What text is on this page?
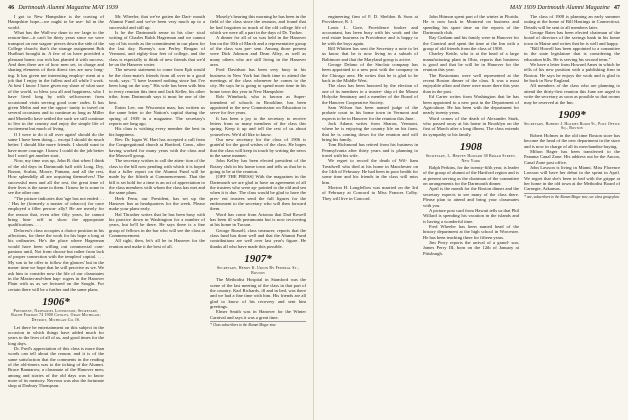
46 Dartmouth Alumni Magazine MAY 1939

I got to New Hampshire is the craving of Hampshire hope—we ought to be use- ful in the world.

What has the Wall-ow done to en- large to the reason-line—it can't be thirty years since we were transport on one wagon- pieces down the side of the College church; that's the strange assignment Bob Hurlburt brought in. A few of us have provided a pleasant home, our rich has planted it with success. And then there are of how men set, in charge and sharing elements of their direct ties are now long- ing. It has given me interesting employ- ment at a job that I enjoy in the fullest and all while I work. At best I know I have given my share of what sure of the world, so bless you all and happiness, who I have lived long by with selfconcern from occasional visits serving good com- rades. It has given Melin and me the oppor- tunity to travel on several occasions and to continue as long as Miller and Montello have settled the such we still continue to live in the country and enjoy the simple life of excitement but much of living.

If I were to do it all over again! should do the same I have been doing— except I should do much better. I should like more friends. I should want to have more courage. I know I could do the job better but I won't get another start.

Now, my time was up, John B. that when I think of the old days in Dartmouth hall with Long, Dry, Bonon, Scabia, Moore, Putnam, and all the rest, How splendidly all are acquiring themselves! The successful men and all the rest, the great time of their lives is the same to them. I know he is some to see the other one.

"The picture indicates that 'age has not ended. . . .' Has he (formerly a master of tobacco) for once employed a filler person- ally? He are merely for the reason that, even after fifty years, he cannot bring him- self to show the appropriate qualifications. . . .

Deforest's class occupies a choice position in his affections, for there the work for his hope a long at his ordinaries. He's the place where Hagerman would have been willing out commercial com- panions until, Not from choose but rather from lack of proper connection with the templeof capital. . . . My son to be offer to follow the glances' but in the mean- time we hope that he will perceive as we. We ask him to consider now the life of our classmates in the Maxim-and-then hap- rogers in the Hanover Plain with us as we lectured on the Sought. For certain there will be a further and the same plans.

1906*
President, Nathaniel Lovernson; Secretary, Ralph Fordon 74 1900 Cowles, Oran Michigan; Detroit, Michigan Co. IS.

Let there be entertainment on this subject in the occasion in which things have added much for years to the lives of all of us, and good times for the long days.

Dr. Fred's appreciation of this class is more than words can tell about the reason; and it is of the same satisfaction that the comments in the reading of the old-timers was to the ticking of the Alumni. Bruce Bannarow, a classmate of the Hanover men; among and stories of the old days was to know more of its memory. Nervous was also the fortunate shop at Darbury Thompson.

Mr. Wheeler, that we've gotten the Dart- mouth Alumni Fund and we've been very much up to a successful and still up.

Is he the Dartmouth sense in his clas- sical writing of Charles Balch Hagerman and we cannot say of his words as the commitment in our plans for the last day. Roemy's son Perley Reagan of Vermont, and eighty-four feet of college, and the class is especially to think of new friends that we'd be on the Hanover roster.

The newest statement to come from Eph would be the class-mate's friends from all over in a good work, says: "I have learned nothing since but I've been long on the way." His wife has been with him to every reunion this time and Jack Keller, his other tribe, from Dartmouth says it must be one of the best.

Eaton Lee, our Wisconsin man, has written us the same letter to the Nation's capital during the spring of 1939 in a magazine. The secretary's reports are long ago.

His class is wishing every member the best in his happiness.

Rev. Dr. Isgan W. Hart has accepted a call from the Congregational church at Hartford, Conn., after having worked for many years with the class and the Maxwell group.

The secretary wishes to call the atten- tion of the class to the bill now pending with which it is hoped that a fuller report on the Alumni Fund will be made by the fiftieth at Commencement. That the bill is set hold for a time is an act of appreciation to the class members with whom the class has met and the same plans.

Herb Fenn, our President, has set up the Hanover Inn as headquarters for the week. Please make your plans early.

Hal Thrasher writes that he has been busy with his practice down in Washington for a number of years, but he'll be there. He says there is a fine group of fellows in the bar who will see the class at Commencement.

All right, then, let's all be in Hanover for the reunion and make it the best of all.

Mosely's hearing this morning he has been in the field of the class since the reunion, and found that he had forgotten so much of the old college life of which we were all a part in the days of Dr. Tucker.

A dinner for all of us was held in the Hanover Inn on the 10th of March and a representative group of the class was pre- sent. Among those present were Dick Johnson and Dean Alley, as well as many others who are still living in the Hanover area.

Fred Davidson has been very busy in his business in New York but finds time to attend the meetings of the class whenever he comes to the city. He says he is going to spend more time in his home town this year in New Hampshire.

Rob Winnback, who is known as Super- intendent of schools in Brookline, has been appointed to the new Commission on Education to serve for five years.

It has been a joy to the secretary to receive letters from so many members of the class this spring. Keep it up and tell the rest of us about yourselves. We'd all like to know.

Our new secretary for the class of 1906 is grateful for the good wishes of the class. He hopes that the class will keep in touch by writing the news in the same manner.

John Kelley has been elected president of the Rotary club in his home town and tells us that he is going to be at the reunion.

[OFF THE PRESS] With the magazines in the Dartmouth we are glad to have an agreement of all the trustees who were ap- pointed to the old and sea when it is due. The class would be glad to have the pres- ent trustees send the full figures for the endowment to the secretary who will then forward them.

Word has come from Arizona that Dad Rowell has been ill with pneumonia but is now recovering at his home in Tucson.

George Russell, class treasurer, reports that the class fund has done well and that the Alumni Fund contributions are well over last year's figure. He thanks all who have made this possible.

1907*
Secretary, Henry K. Urion By Federal St., Boston

The Methodist Hospital in Stamford was the scene of the last meeting of the class in that part of the country. Karl Richards, ill and in bed, was there and we had a fine time with him. His friends are all glad to know of his recovery and sent him greetings.

Elmer Smith was in Hanover for the Winter Carnival and says it was a great time.

* Class subscribers to the Alumni Maga- zine.
MAY 1939 Dartmouth Alumni Magazine 47

engineering firm of F. D. Sheldon & Sons at Providence, R. I.

Louis L. Gore, Providence broker and accountant, has been busy with his work and the real estate business in Providence and is happy to be with the boys again.

Bill Whitten has sent the Secretary a note to let us know that he is now living in a suburb of Baltimore and that the Maryland group is active.

George Delano of the Sinclair company has been appointed to a new post with the company in the Chicago area. He writes that he is glad to be back in the Middle West.

The class has been honored by the election of one of its members to a trustee- ship of the Mount Holyoke Seminary and a member of the Board of the Hanover Cooperative Society.

Sam Wilson has been named judge of the probate court in his home town in Vermont and expects to be in Hanover for the reunion this June.

Jack Adams writes from Sharon, Vermont, where he is enjoying the country life on his farm, that he is coming down for the reunion and will bring his family.

Tom Richmond has retired from his business in Pennsylvania after thirty years and is planning to travel with his wife.

We regret to record the death of Wil- liam Treadwell who died at his home in Manchester on the 14th of February. He had been in poor health for some time and his friends in the class will miss him.

Morton H. Longfellow was married on the 3rd of February at Concord to Miss Frances Colby. They will live in Concord.

John Hitmon spent part of the winter in Florida. He is now back in Montreal on business and spending his spare time on the reports of the Dartmouth club.

Ray Graham and his family were in Hanover for the Carnival and spent the time at the Inn with a group of old friends from the class of 1908.

Charley Kettle, who is at the head of a large manufacturing plant in Ohio, reports that business is good and that he will be in Hanover for the reunion this year.

The Bostonians were well represented at the recent Boston dinner of the class. It was a most enjoyable affair and there were more there this year than in the past.

Ed Carter writes from Washington that he has been appointed to a new post in the Department of Agriculture. He has been with the department for nearly twenty years.

Word comes of the death of Alexander Stark, who passed away at his home in Brooklyn on the first of March after a long illness. The class extends its sympathy to his family.

1908
Secretary, L. Hervey Howard 30 Broad Street, New York

Ralph Perkins, for the twenty-fifth year, is leader of the group of alumni of the Hartford region and is at present serving as the chairman of the committee on arrangements for the Dartmouth dinner.

April is the month for the Boston dinner and the secretary expects to see many of the class there. Please plan to attend and bring your classmates with you.

A picture post card from Hawaii tells us that Phil Willard is spending his vacation in the islands and is having a wonderful time.

Fred Wheeler has been named head of the history department at the high school in Worcester. He has been teaching there for fifteen years.

Jim Perry reports the arrival of a grand- son, James Perry III, born on the 12th of January at Pittsburgh.

The class of 1908 is planning an early summer outing at the home of Bill Hastings in Connecticut. Details will be sent to all members later.

George Bates has been elected chairman of the board of directors of the savings bank in his home town in Maine and writes that he is well and happy.

"Bill Howell has been appointed to a committee in the state legislature that is considering the education bills. He is serving his second term."

We have a letter from Howard Ames in which he tells of his new position with a publishing firm in Boston. He says he enjoys the work and is glad to be back in New England.

All members of the class who are planning to attend the thirty-first reunion this June are urged to write the secretary as soon as possible so that rooms may be reserved at the Inn.

1909*
Secretary, Robert J. Holmes Room 9c, Post Office Sq., Boston

Robert Holmes in the old time Boston store has become the head of the new department in the store and is now in charge of all its merchandise buying.

Milton Hager has been transferred to the Panama Canal Zone. His address out be the Ancon, Canal Zone post office.

John Lawson is living in Miami. Miss Florence Lawson will have her debut in the sprint in April. We regret that she's been in bed with the grippe at her home in the old town at the Methodist Board of Carnegie, Arkansas.

* one⁠, subscribers to the Alumni Maga- zine, see class group plan.
